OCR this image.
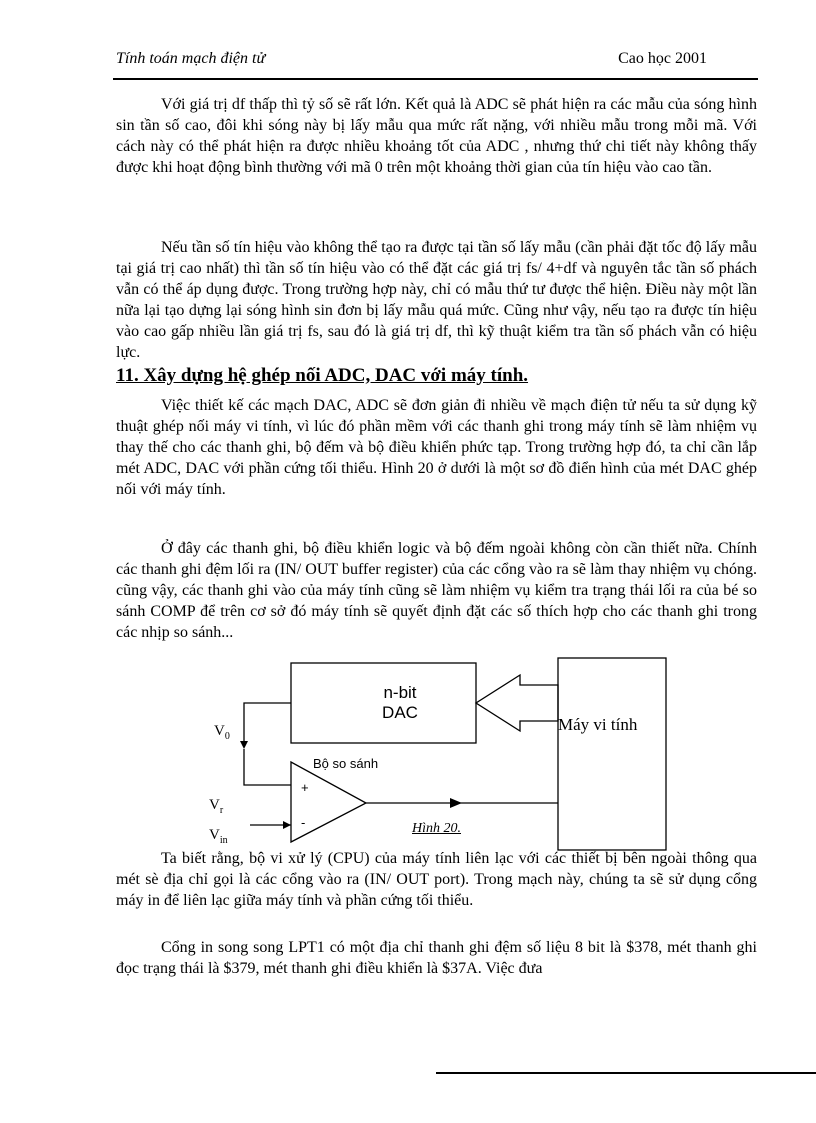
Tính toán mạch điện tử	Cao học 2001

Với giá trị df thấp thì tỷ số sẽ rất lớn. Kết quả là ADC sẽ phát hiện ra các mẫu của sóng hình sin tần số cao, đôi khi sóng này bị lấy mẫu qua mức rất nặng, với nhiều mẫu trong mỗi mã. Với cách này có thể phát hiện ra được nhiều khoảng tốt của ADC , nhưng thứ chi tiết này không thấy được khi hoạt động bình thường với mã 0 trên một khoảng thời gian của tín hiệu vào cao tần.

Nếu tần số tín hiệu vào không thể tạo ra được tại tần số lấy mẫu (cần phải đặt tốc độ lấy mẫu tại giá trị cao nhất) thì tần số tín hiệu vào có thể đặt các giá trị fs/ 4+df và nguyên tắc tần số phách vẫn có thể áp dụng được. Trong trường hợp này, chỉ có mẫu thứ tư được thể hiện. Điều này một lần nữa lại tạo dựng lại sóng hình sin đơn bị lấy mẫu quá mức. Cũng như vậy, nếu tạo ra được tín hiệu vào cao gấp nhiều lần giá trị fs, sau đó là giá trị df, thì kỹ thuật kiểm tra tần số phách vẫn có hiệu lực.

11. Xây dựng hệ ghép nối ADC, DAC với máy tính.

Việc thiết kế các mạch DAC, ADC sẽ đơn giản đi nhiều về mạch điện tử nếu ta sử dụng kỹ thuật ghép nối máy vi tính, vì lúc đó phần mềm với các thanh ghi trong máy tính sẽ làm nhiệm vụ thay thế cho các thanh ghi, bộ đếm và bộ điều khiển phức tạp. Trong trường hợp đó, ta chỉ cần lắp mét ADC, DAC với phần cứng tối thiểu. Hình 20 ở dưới là một sơ đồ điển hình của mét DAC ghép nối với máy tính.

Ở đây các thanh ghi, bộ điều khiển logic và bộ đếm ngoài không còn cần thiết nữa. Chính các thanh ghi đệm lối ra (IN/ OUT buffer register) của các cổng vào ra sẽ làm thay nhiệm vụ chóng. cũng vậy, các thanh ghi vào của máy tính cũng sẽ làm nhiệm vụ kiểm tra trạng thái lối ra của bé so sánh COMP để trên cơ sở đó máy tính sẽ quyết định đặt các số thích hợp cho các thanh ghi trong các nhịp so sánh...

n-bit
DAC
Máy vi tính
Bộ so sánh
$V_0$
$V_r$
$V_{in}$
+
-	Hình 20.

Ta biết rằng, bộ vi xử lý (CPU) của máy tính liên lạc với các thiết bị bên ngoài thông qua mét sè địa chỉ gọi là các cổng vào ra (IN/ OUT port). Trong mạch này, chúng ta sẽ sử dụng cổng máy in để liên lạc giữa máy tính và phần cứng tối thiểu.

Cổng in song song LPT1 có một địa chỉ thanh ghi đệm số liệu 8 bit là $378, mét thanh ghi đọc trạng thái là $379, mét thanh ghi điều khiển là $37A. Việc đưa
